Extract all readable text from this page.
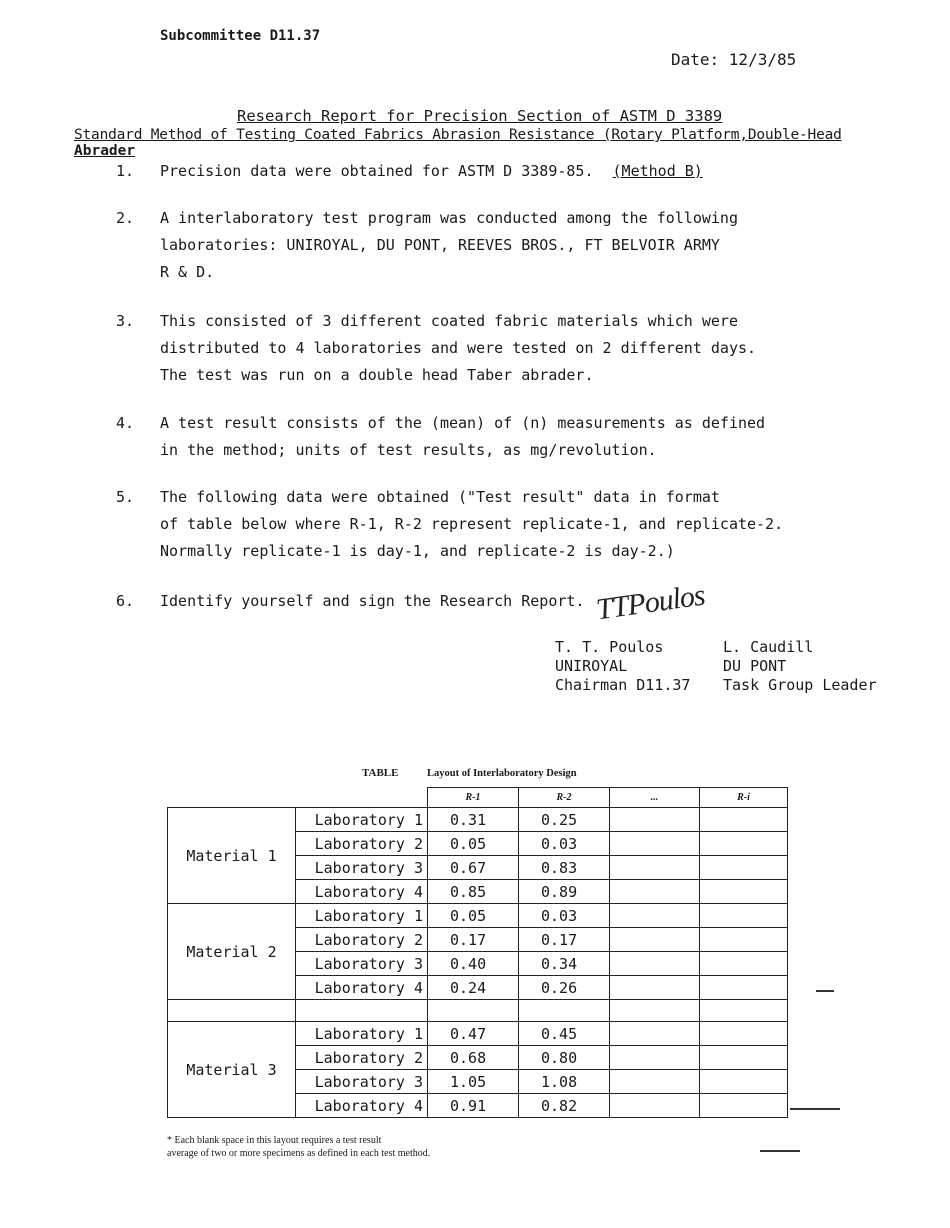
Subcommittee D11.37
Date: 12/3/85
Research Report for Precision Section of ASTM D 3389
Standard Method of Testing Coated Fabrics Abrasion Resistance (Rotary Platform,Double-Head
Abrader
1. Precision data were obtained for ASTM D 3389-85. (Method B)
2. A interlaboratory test program was conducted among the following
laboratories: UNIROYAL, DU PONT, REEVES BROS., FT BELVOIR ARMY
R & D.
3. This consisted of 3 different coated fabric materials which were
distributed to 4 laboratories and were tested on 2 different days.
The test was run on a double head Taber abrader.
4. A test result consists of the (mean) of (n) measurements as defined
in the method; units of test results, as mg/revolution.
5. The following data were obtained ("Test result" data in format
of table below where R-1, R-2 represent replicate-1, and replicate-2.
Normally replicate-1 is day-1, and replicate-2 is day-2.)
6. Identify yourself and sign the Research Report. TTPoulos
T. T. Poulos
UNIROYAL
Chairman D11.37
L. Caudill
DU PONT
Task Group Leader
TABLE	Layout of Interlaboratory Design
		R-1	R-2	...	R-i
Material 1	Laboratory 1	0.31	0.25		
	Laboratory 2	0.05	0.03		
	Laboratory 3	0.67	0.83		
	Laboratory 4	0.85	0.89		
Material 2	Laboratory 1	0.05	0.03		
	Laboratory 2	0.17	0.17		
	Laboratory 3	0.40	0.34		
	Laboratory 4	0.24	0.26		

Material 3	Laboratory 1	0.47	0.45		
	Laboratory 2	0.68	0.80		
	Laboratory 3	1.05	1.08		
	Laboratory 4	0.91	0.82		
* Each blank space in this layout requires a test result
average of two or more specimens as defined in each test method.
